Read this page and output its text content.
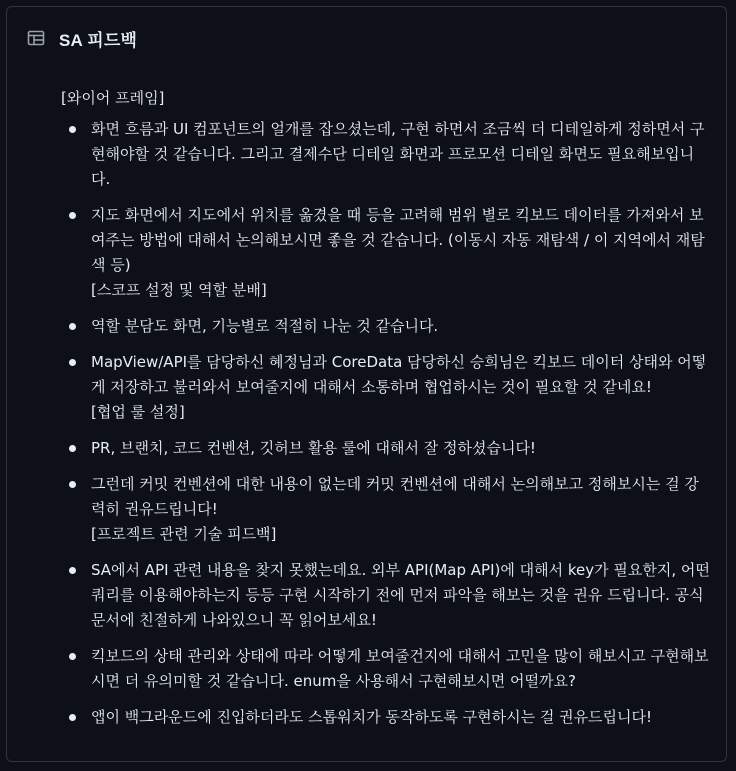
SA 피드백
[와이어 프레임]
화면 흐름과 UI 컴포넌트의 얼개를 잡으셨는데, 구현 하면서 조금씩 더 디테일하게 정하면서 구현해야할 것 같습니다. 그리고 결제수단 디테일 화면과 프로모션 디테일 화면도 필요해보입니다.
지도 화면에서 지도에서 위치를 옮겼을 때 등을 고려해 범위 별로 킥보드 데이터를 가져와서 보여주는 방법에 대해서 논의해보시면 좋을 것 같습니다. (이동시 자동 재탐색 / 이 지역에서 재탐색 등)
[스코프 설정 및 역할 분배]
역할 분담도 화면, 기능별로 적절히 나눈 것 같습니다.
MapView/API를 담당하신 혜정님과 CoreData 담당하신 승희님은 킥보드 데이터 상태와 어떻게 저장하고 불러와서 보여줄지에 대해서 소통하며 협업하시는 것이 필요할 것 같네요!
[협업 룰 설정]
PR, 브랜치, 코드 컨벤션, 깃허브 활용 룰에 대해서 잘 정하셨습니다!
그런데 커밋 컨벤션에 대한 내용이 없는데 커밋 컨벤션에 대해서 논의해보고 정해보시는 걸 강력히 권유드립니다!
[프로젝트 관련 기술 피드백]
SA에서 API 관련 내용을 찾지 못했는데요. 외부 API(Map API)에 대해서 key가 필요한지, 어떤 쿼리를 이용해야하는지 등등 구현 시작하기 전에 먼저 파악을 해보는 것을 권유 드립니다. 공식문서에 친절하게 나와있으니 꼭 읽어보세요!
킥보드의 상태 관리와 상태에 따라 어떻게 보여줄건지에 대해서 고민을 많이 해보시고 구현해보시면 더 유의미할 것 같습니다. enum을 사용해서 구현해보시면 어떨까요?
앱이 백그라운드에 진입하더라도 스톱워치가 동작하도록 구현하시는 걸 권유드립니다!
